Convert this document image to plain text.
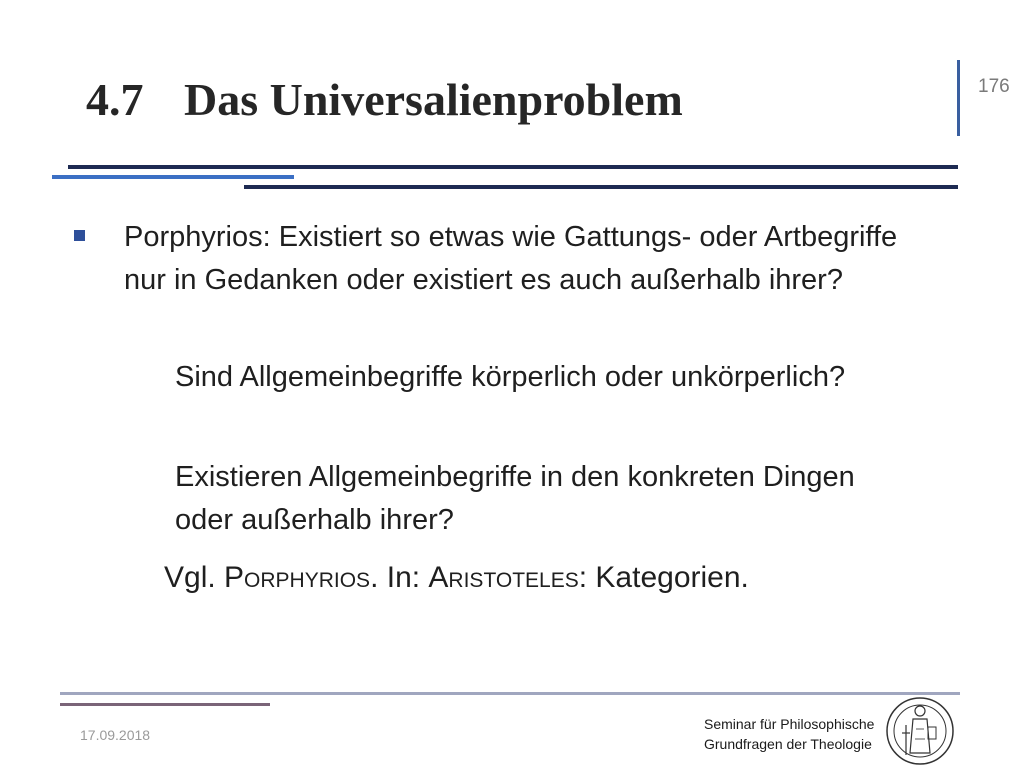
4.7 Das Universalienproblem	176
Porphyrios: Existiert so etwas wie Gattungs- oder Artbegriffe nur in Gedanken oder existiert es auch außerhalb ihrer?
Sind Allgemeinbegriffe körperlich oder unkörperlich?
Existieren Allgemeinbegriffe in den konkreten Dingen oder außerhalb ihrer?
Vgl. Porphyrios. In: Aristoteles: Kategorien.
17.09.2018
Seminar für Philosophische
Grundfragen der Theologie
